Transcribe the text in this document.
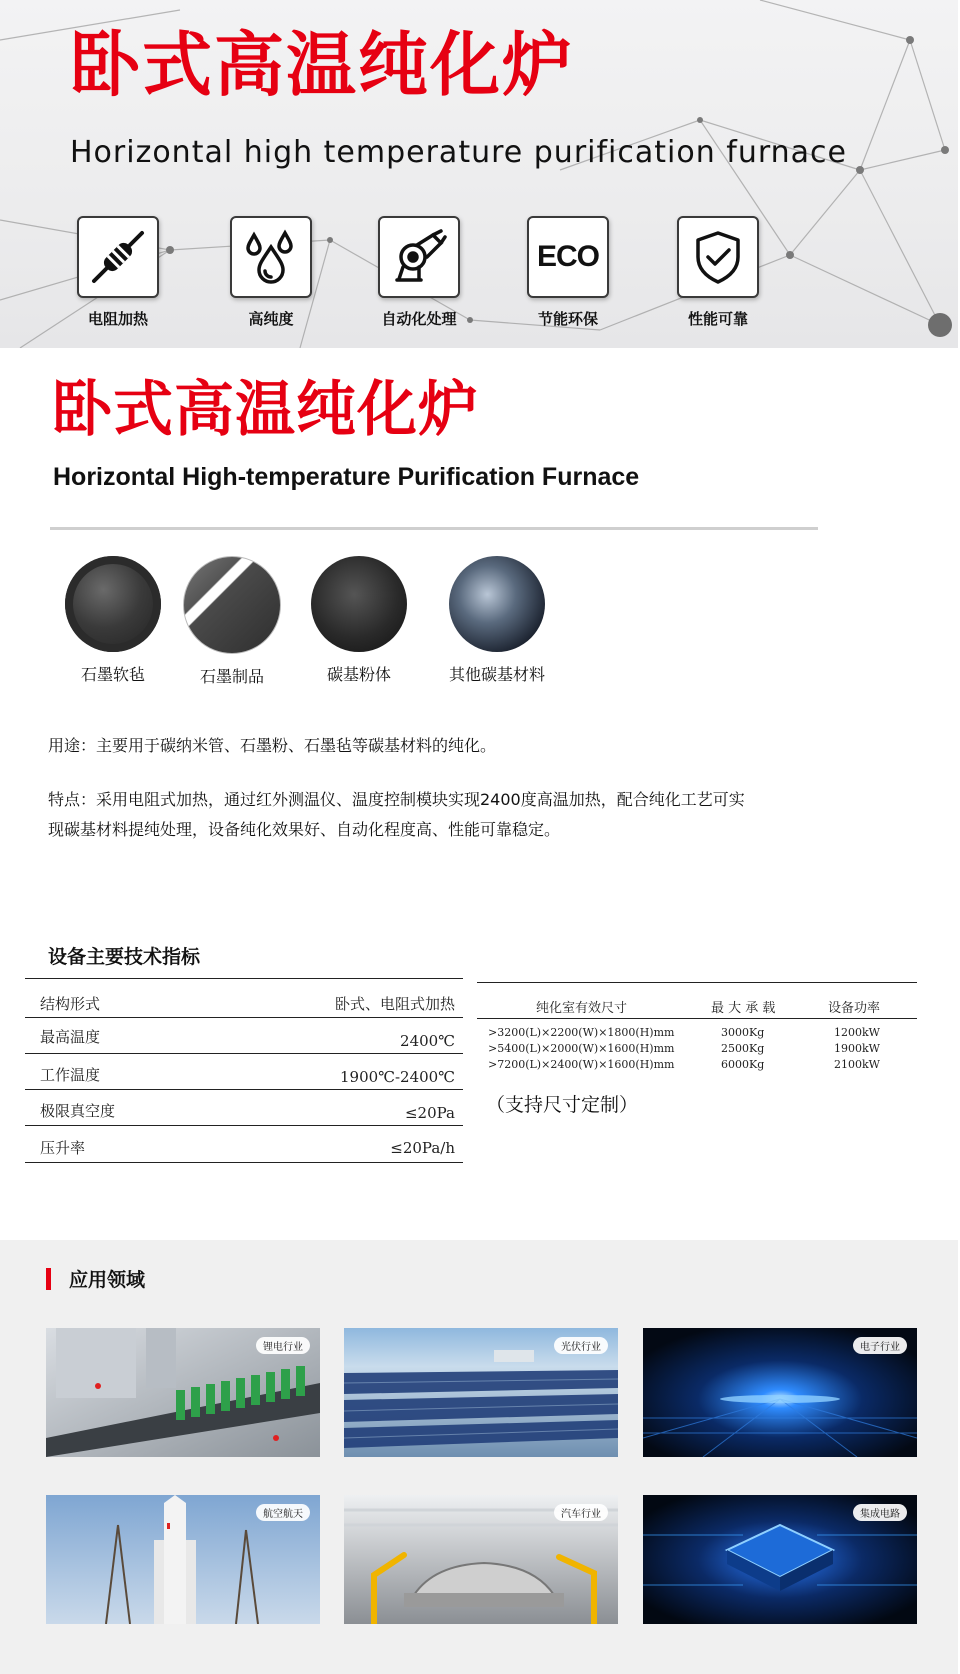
卧式高温纯化炉
Horizontal high temperature purification furnace
电阻加热	高纯度	自动化处理
ECO
节能环保	性能可靠
卧式高温纯化炉
Horizontal High-temperature Purification Furnace
石墨软毡	石墨制品	碳基粉体	其他碳基材料
用途：主要用于碳纳米管、石墨粉、石墨毡等碳基材料的纯化。
特点：采用电阻式加热，通过红外测温仪、温度控制模块实现2400度高温加热，配合纯化工艺可实
现碳基材料提纯处理，设备纯化效果好、自动化程度高、性能可靠稳定。
设备主要技术指标
结构形式	卧式、电阻式加热
最高温度	2400℃
工作温度	1900℃-2400℃
极限真空度	≤20Pa
压升率	≤20Pa/h
纯化室有效尺寸	最 大 承 载	设备功率
>3200(L)×2200(W)×1800(H)mm	3000Kg	1200kW
>5400(L)×2000(W)×1600(H)mm	2500Kg	1900kW
>7200(L)×2400(W)×1600(H)mm	6000Kg	2100kW
（支持尺寸定制）
应用领域
锂电行业	光伏行业	电子行业
航空航天	汽车行业	集成电路
